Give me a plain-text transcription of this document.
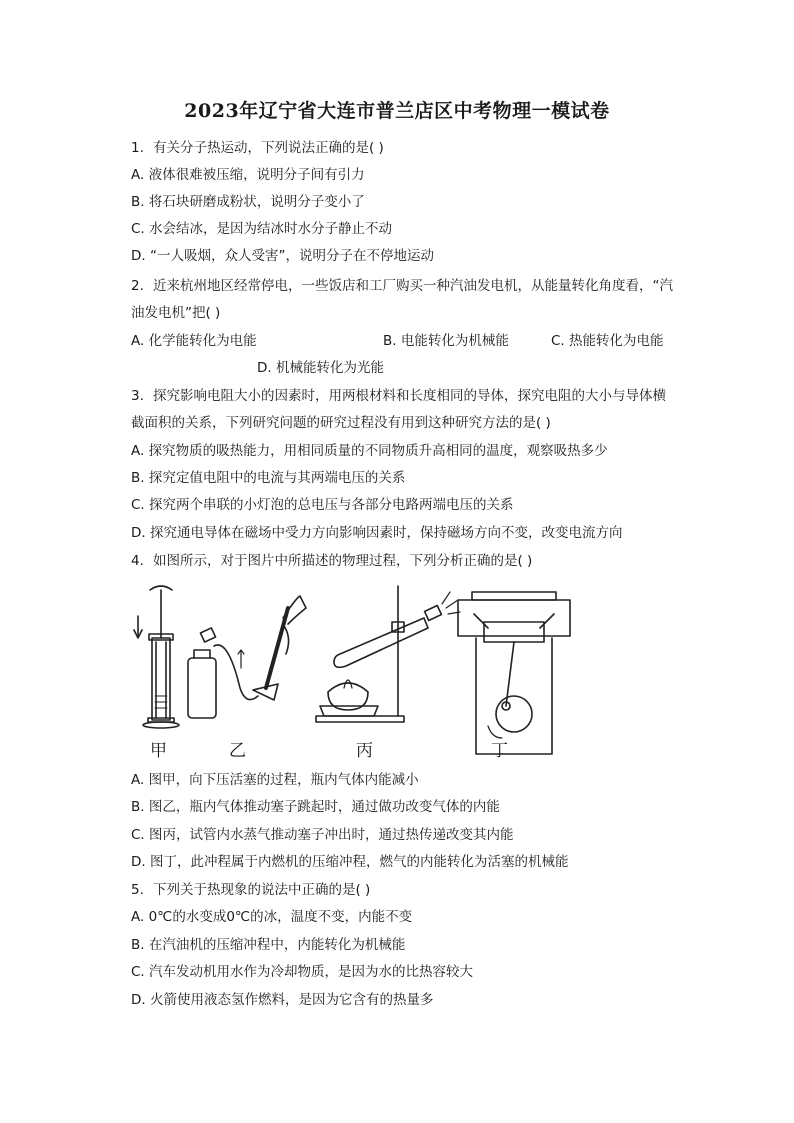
2023年辽宁省大连市普兰店区中考物理一模试卷
1. 有关分子热运动，下列说法正确的是( )
A. 液体很难被压缩，说明分子间有引力
B. 将石块研磨成粉状，说明分子变小了
C. 水会结冰，是因为结冰时水分子静止不动
D. “一人吸烟，众人受害”，说明分子在不停地运动
2. 近来杭州地区经常停电，一些饭店和工厂购买一种汽油发电机，从能量转化角度看，“汽
油发电机”把( )
A. 化学能转化为电能	B. 电能转化为机械能	C. 热能转化为电能
D. 机械能转化为光能
3. 探究影响电阻大小的因素时，用两根材料和长度相同的导体，探究电阻的大小与导体横
截面积的关系，下列研究问题的研究过程没有用到这种研究方法的是( )
A. 探究物质的吸热能力，用相同质量的不同物质升高相同的温度，观察吸热多少
B. 探究定值电阻中的电流与其两端电压的关系
C. 探究两个串联的小灯泡的总电压与各部分电路两端电压的关系
D. 探究通电导体在磁场中受力方向影响因素时，保持磁场方向不变，改变电流方向
4. 如图所示，对于图片中所描述的物理过程，下列分析正确的是( )
甲	乙	丙	丁
A. 图甲，向下压活塞的过程，瓶内气体内能减小
B. 图乙，瓶内气体推动塞子跳起时，通过做功改变气体的内能
C. 图丙，试管内水蒸气推动塞子冲出时，通过热传递改变其内能
D. 图丁，此冲程属于内燃机的压缩冲程，燃气的内能转化为活塞的机械能
5. 下列关于热现象的说法中正确的是( )
A. 0℃的水变成0℃的冰，温度不变，内能不变
B. 在汽油机的压缩冲程中，内能转化为机械能
C. 汽车发动机用水作为冷却物质，是因为水的比热容较大
D. 火箭使用液态氢作燃料，是因为它含有的热量多
